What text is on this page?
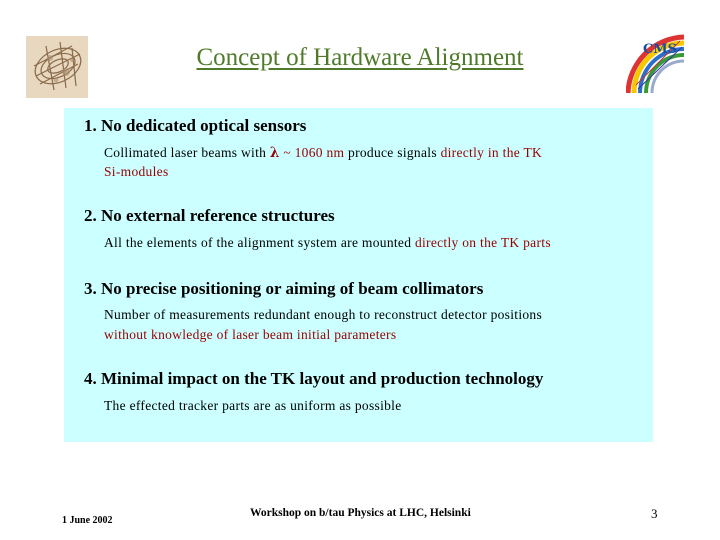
CMS
Concept of Hardware Alignment
1. No dedicated optical sensors
Collimated laser beams with λ ~ 1060 nm produce signals directly in the TK
Si-modules
2. No external reference structures
All the elements of the alignment system are mounted directly on the TK parts
3. No precise positioning or aiming of beam collimators
Number of measurements redundant enough to reconstruct detector positions
without knowledge of laser beam initial parameters
4. Minimal impact on the TK layout and production technology
The effected tracker parts are as uniform as possible
1 June 2002
Workshop on b/tau Physics at LHC, Helsinki	3
